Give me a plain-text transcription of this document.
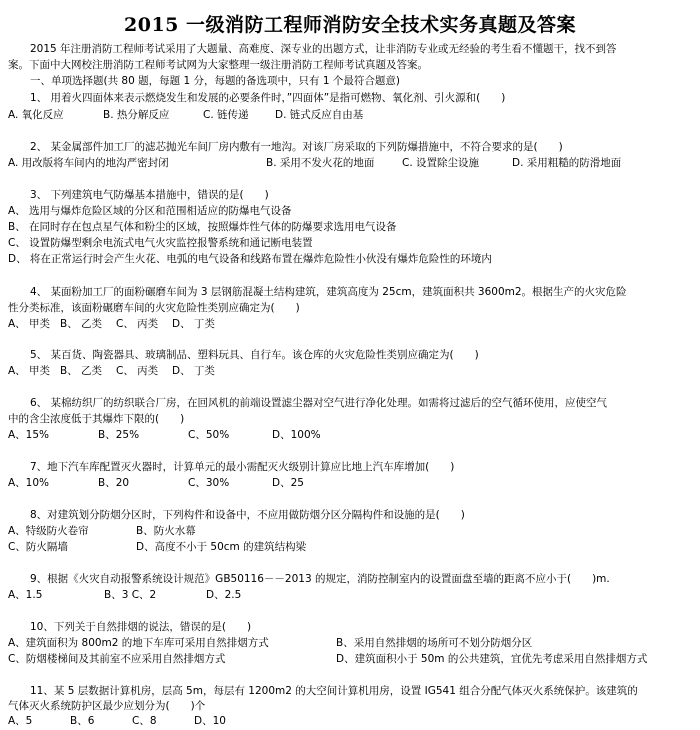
2015 一级消防工程师消防安全技术实务真题及答案
2015 年注册消防工程师考试采用了大题量、高难度、深专业的出题方式，让非消防专业或无经验的考生看不懂题干，找不到答
案。下面中大网校注册消防工程师考试网为大家整理一级注册消防工程师考试真题及答案。
一、单项选择题(共 80 题，每题 1 分，每题的备选项中，只有 1 个最符合题意)
1、 用着火四面体来表示燃烧发生和发展的必要条件时，”四面体”是指可燃物、氧化剂、引火源和(　　)
A. 氧化反应	B. 热分解反应	C. 链传递	D. 链式反应自由基
2、 某金属部件加工厂的滤芯抛光车间厂房内敷有一地沟。对该厂房采取的下列防爆措施中，不符合要求的是(　　)
A. 用改版将车间内的地沟严密封闭	B. 采用不发火花的地面	C. 设置除尘设施	D. 采用粗糙的防滑地面
3、 下列建筑电气防爆基本措施中，错误的是(　　)
A、 选用与爆炸危险区域的分区和范围相适应的防爆电气设备
B、 在同时存在包点星气体和粉尘的区域，按照爆炸性气体的防爆要求选用电气设备
C、 设置防爆型剩余电流式电气火灾监控报警系统和通记断电装置
D、 将在正常运行时会产生火花、电弧的电气设备和线路布置在爆炸危险性小伙没有爆炸危险性的环境内
4、 某面粉加工厂的面粉碾磨车间为 3 层钢筋混凝土结构建筑，建筑高度为 25cm，建筑面积共 3600m2。根据生产的火灾危险
性分类标准，该面粉碾磨车间的火灾危险性类别应确定为(　　)
A、 甲类 B、 乙类	C、 丙类	D、 丁类
5、 某百货、陶瓷器具、玻璃制品、塑料玩具、自行车。该仓库的火灾危险性类别应确定为(　　)
A、 甲类 B、 乙类	C、 丙类	D、 丁类
6、 某棉纺织厂的纺织联合厂房，在回风机的前端设置滤尘器对空气进行净化处理。如需将过滤后的空气循环使用，应使空气
中的含尘浓度低于其爆炸下限的(　　)
A、15%	B、25%	C、50%	D、100%
7、地下汽车库配置灭火器时，计算单元的最小需配灭火级别计算应比地上汽车库增加(　　)
A、10%	B、20	C、30%	D、25
8、对建筑划分防烟分区时，下列构件和设备中，不应用做防烟分区分隔构件和设施的是(　　)
A、特级防火卷帘	B、防火水幕
C、防火隔墙	D、高度不小于 50cm 的建筑结构梁
9、根据《火灾自动报警系统设计规范》GB50116－－2013 的规定，消防控制室内的设置面盘至墙的距离不应小于(　　)m.
A、1.5	B、3 C、2	D、2.5
10、下列关于自然排烟的说法，错误的是(　　)
A、建筑面积为 800m2 的地下车库可采用自然排烟方式	B、采用自然排烟的场所可不划分防烟分区
C、防烟楼梯间及其前室不应采用自然排烟方式	D、建筑面积小于 50m 的公共建筑，宜优先考虑采用自然排烟方式
11、某 5 层数据计算机房，层高 5m，每层有 1200m2 的大空间计算机用房，设置 IG541 组合分配气体灭火系统保护。该建筑的
气体灭火系统防护区最少应划分为(　　)个
A、5	B、6	C、8	D、10
